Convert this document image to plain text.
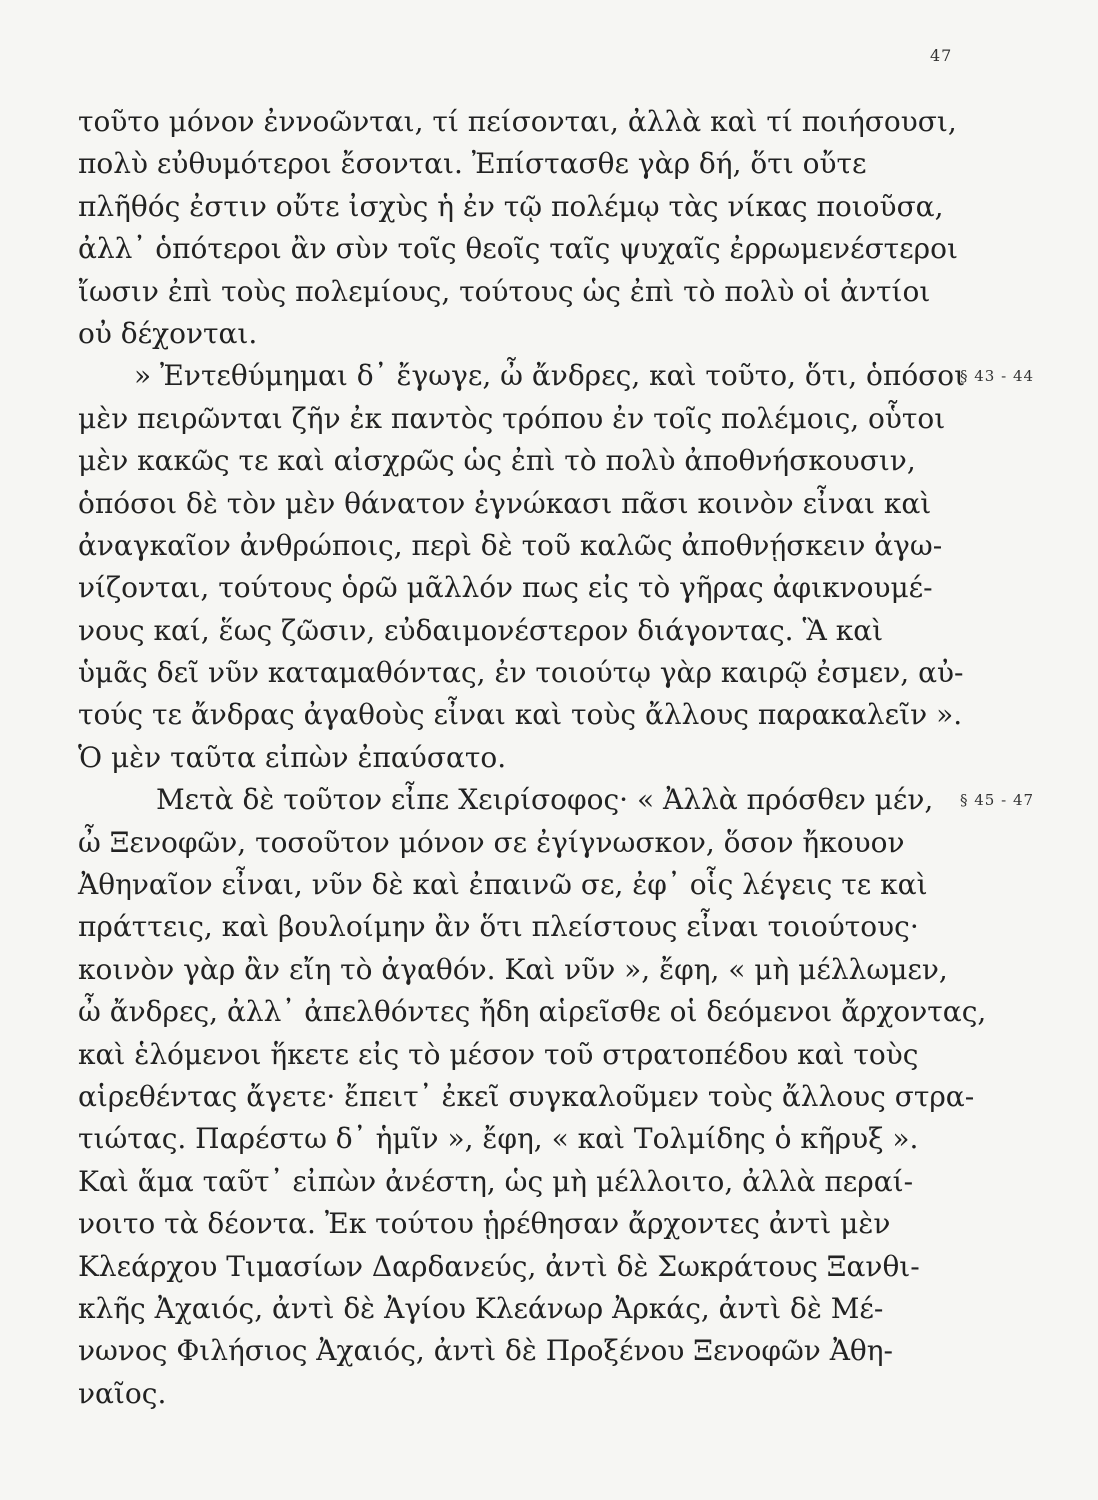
47
τοῦτο μόνον ἐννοῶνται, τί πείσονται, ἀλλὰ καὶ τί ποιήσουσι,
πολὺ εὐθυμότεροι ἔσονται. Ἐπίστασθε γὰρ δή, ὅτι οὔτε
πλῆθός ἐστιν οὔτε ἰσχὺς ἡ ἐν τῷ πολέμῳ τὰς νίκας ποιοῦσα,
ἀλλ᾽ ὁπότεροι ἂν σὺν τοῖς θεοῖς ταῖς ψυχαῖς ἐρρωμενέστεροι
ἴωσιν ἐπὶ τοὺς πολεμίους, τούτους ὡς ἐπὶ τὸ πολὺ οἱ ἀντίοι
οὐ δέχονται.
» Ἐντεθύμημαι δ᾽ ἔγωγε, ὦ ἄνδρες, καὶ τοῦτο, ὅτι, ὁπόσοι
§ 43 - 44
μὲν πειρῶνται ζῆν ἐκ παντὸς τρόπου ἐν τοῖς πολέμοις, οὗτοι
μὲν κακῶς τε καὶ αἰσχρῶς ὡς ἐπὶ τὸ πολὺ ἀποθνήσκουσιν,
ὁπόσοι δὲ τὸν μὲν θάνατον ἐγνώκασι πᾶσι κοινὸν εἶναι καὶ
ἀναγκαῖον ἀνθρώποις, περὶ δὲ τοῦ καλῶς ἀποθνῄσκειν ἀγω-
νίζονται, τούτους ὁρῶ μᾶλλόν πως εἰς τὸ γῆρας ἀφικνουμέ-
νους καί, ἕως ζῶσιν, εὐδαιμονέστερον διάγοντας. Ἃ καὶ
ὑμᾶς δεῖ νῦν καταμαθόντας, ἐν τοιούτῳ γὰρ καιρῷ ἐσμεν, αὐ-
τούς τε ἄνδρας ἀγαθοὺς εἶναι καὶ τοὺς ἄλλους παρακαλεῖν ».
Ὁ μὲν ταῦτα εἰπὼν ἐπαύσατο.
Μετὰ δὲ τοῦτον εἶπε Χειρίσοφος· « Ἀλλὰ πρόσθεν μέν, § 45 - 47
ὦ Ξενοφῶν, τοσοῦτον μόνον σε ἐγίγνωσκον, ὅσον ἤκουον
Ἀθηναῖον εἶναι, νῦν δὲ καὶ ἐπαινῶ σε, ἐφ᾽ οἷς λέγεις τε καὶ
πράττεις, καὶ βουλοίμην ἂν ὅτι πλείστους εἶναι τοιούτους·
κοινὸν γὰρ ἂν εἴη τὸ ἀγαθόν. Καὶ νῦν », ἔφη, « μὴ μέλλωμεν,
ὦ ἄνδρες, ἀλλ᾽ ἀπελθόντες ἤδη αἱρεῖσθε οἱ δεόμενοι ἄρχοντας,
καὶ ἑλόμενοι ἥκετε εἰς τὸ μέσον τοῦ στρατοπέδου καὶ τοὺς
αἱρεθέντας ἄγετε· ἔπειτ᾽ ἐκεῖ συγκαλοῦμεν τοὺς ἄλλους στρα-
τιώτας. Παρέστω δ᾽ ἡμῖν », ἔφη, « καὶ Τολμίδης ὁ κῆρυξ ».
Καὶ ἅμα ταῦτ᾽ εἰπὼν ἀνέστη, ὡς μὴ μέλλοιτο, ἀλλὰ περαί-
νοιτο τὰ δέοντα. Ἐκ τούτου ᾑρέθησαν ἄρχοντες ἀντὶ μὲν
Κλεάρχου Τιμασίων Δαρδανεύς, ἀντὶ δὲ Σωκράτους Ξανθι-
κλῆς Ἀχαιός, ἀντὶ δὲ Ἀγίου Κλεάνωρ Ἀρκάς, ἀντὶ δὲ Μέ-
νωνος Φιλήσιος Ἀχαιός, ἀντὶ δὲ Προξένου Ξενοφῶν Ἀθη-
ναῖος.
